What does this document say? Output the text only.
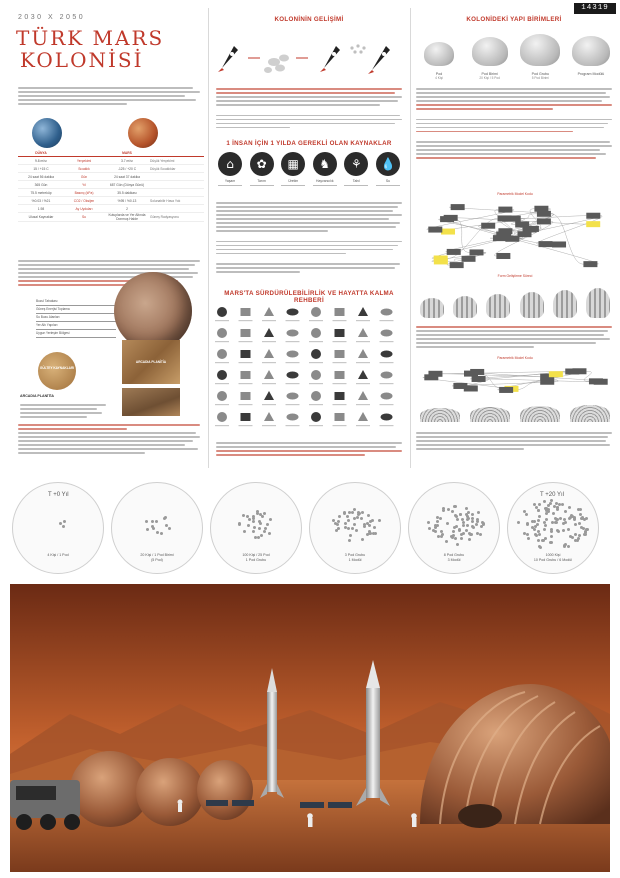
2030 X 2050
TÜRK MARS
KOLONİSİ
14319
DÜNYA	MARS
9.8 m/s²	Yerçekimi	3.7 m/s²	Düşük Yerçekimi
15 / +15 C	Sıcaklık	-125 / +20 C	Düşük Sıcaklıklar
24 saat 56 dakika	Gün	24 saat 37 dakika
365 Gün	Yıl	687 Gün (Dünya Günü)
75.5 metreküp	Basınç (kPa)	35.5 dakikası
%0.03 / %21	CO2 / Oksijen	%95 / %0.13	Solunabilir Hava Yok
1.98	Ay Uyduları	2
Ulusal Kaynaklar	Su	Kutuplarda ve Yer Altında Donmuş Halde	Güneş Radyasyonu
Buzul Tabakası
Güneş Enerjisi Toplama
Su Buzu Alanları
Yer Altı Yapıları
Uygun Yerleşim Bölgesi
GÜLTEY KAYNAKLARI
ARCADIA PLANİTİA
ARCADIA PLANİTİA
KOLONİNİN GELİŞİMİ
1 İNSAN İÇİN 1 YILDA GEREKLİ OLAN KAYNAKLAR
⌂
Yaşam
✿
Tarım
▦
Üretim
♞
Hayvancılık
⚘
Tahıl
💧
Su
MARS'TA SÜRDÜRÜLEBİLİRLİK VE HAYATTA KALMA REHBERİ
KOLONİDEKİ YAPI BİRİMLERİ
Pod
4 Kişi
Pod Birimi
20 Kişi / 5 Pod
Pod Grubu
5 Pod Birimi
Program Modülü
Parametrik Model Kodu
Form Geliştirme Süreci
Parametrik Model Kodu
4 Kişi / 1 Pod	20 Kişi / 1 Pod Birimi
(5 Pod)
100 Kişi / 25 Pod
1 Pod Grubu
3 Pod Grubu
1 Modül
8 Pod Grubu
3 Modül
1000 Kişi
10 Pod Grubu / 6 Modül
T +0 Yıl	T +20 Yıl
